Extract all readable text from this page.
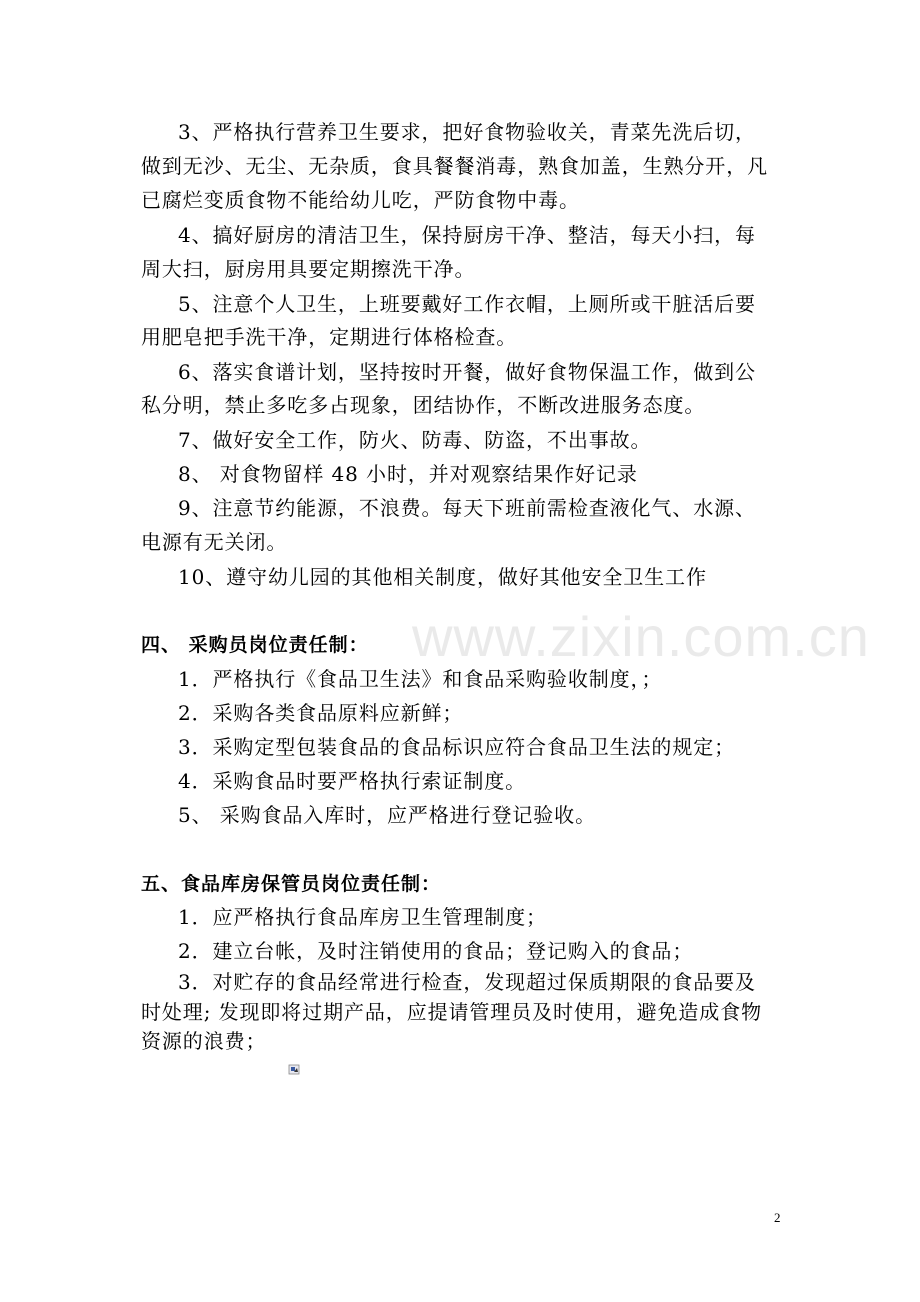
3、严格执行营养卫生要求，把好食物验收关，青菜先洗后切，
做到无沙、无尘、无杂质，食具餐餐消毒，熟食加盖，生熟分开，凡
已腐烂变质食物不能给幼儿吃，严防食物中毒。
4、搞好厨房的清洁卫生，保持厨房干净、整洁，每天小扫，每
周大扫，厨房用具要定期擦洗干净。
5、注意个人卫生，上班要戴好工作衣帽，上厕所或干脏活后要
用肥皂把手洗干净，定期进行体格检查。
6、落实食谱计划，坚持按时开餐，做好食物保温工作，做到公
私分明，禁止多吃多占现象，团结协作，不断改进服务态度。
7、做好安全工作，防火、防毒、防盗，不出事故。
8、 对食物留样 48 小时，并对观察结果作好记录
9、注意节约能源，不浪费。每天下班前需检查液化气、水源、
电源有无关闭。
10、遵守幼儿园的其他相关制度，做好其他安全卫生工作
www.zixin.com.cn
四、 采购员岗位责任制：
1．严格执行《食品卫生法》和食品采购验收制度，；
2．采购各类食品原料应新鲜；
3．采购定型包装食品的食品标识应符合食品卫生法的规定；
4．采购食品时要严格执行索证制度。
5、 采购食品入库时，应严格进行登记验收。
五、食品库房保管员岗位责任制：
1．应严格执行食品库房卫生管理制度；
2．建立台帐，及时注销使用的食品；登记购入的食品；
3．对贮存的食品经常进行检查，发现超过保质期限的食品要及
时处理; 发现即将过期产品，应提请管理员及时使用，避免造成食物
资源的浪费；
2
